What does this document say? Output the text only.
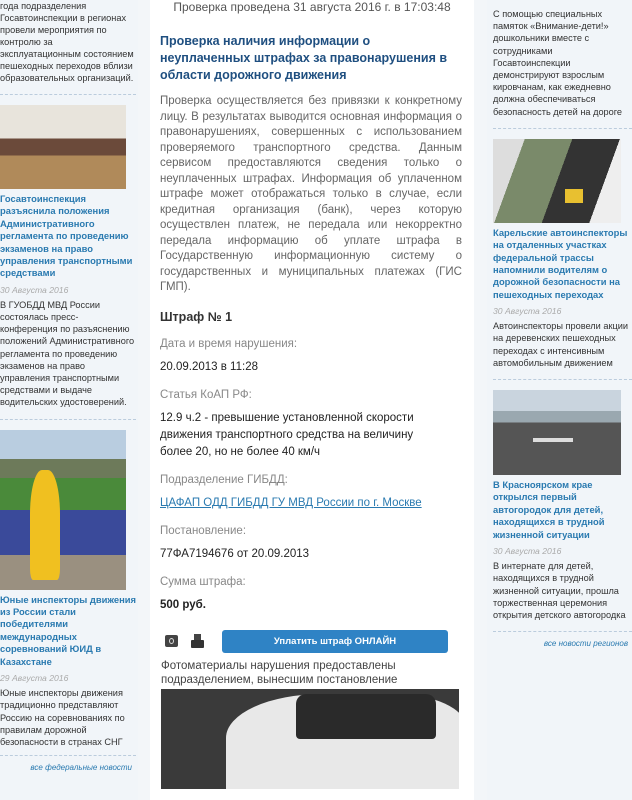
года подразделения Госавтоинспекции в регионах провели мероприятия по контролю за эксплуатационным состоянием пешеходных переходов вблизи образовательных организаций.
Госавтоинспекция разъяснила положения Административного регламента по проведению экзаменов на право управления транспортными средствами
30 Августа 2016
В ГУОБДД МВД России состоялась пресс-конференция по разъяснению положений Административного регламента по проведению экзаменов на право управления транспортными средствами и выдаче водительских удостоверений.
Юные инспекторы движения из России стали победителями международных соревнований ЮИД в Казахстане
29 Августа 2016
Юные инспекторы движения традиционно представляют Россию на соревнованиях по правилам дорожной безопасности в странах СНГ
все федеральные новости
Проверка проведена 31 августа 2016 г. в 17:03:48
Проверка наличия информации о неуплаченных штрафах за правонарушения в области дорожного движения
Проверка осуществляется без привязки к конкретному лицу. В результатах выводится основная информация о правонарушениях, совершенных с использованием проверяемого транспортного средства. Данным сервисом предоставляются сведения только о неуплаченных штрафах. Информация об уплаченном штрафе может отображаться только в случае, если кредитная организация (банк), через которую осуществлен платеж, не передала или некорректно передала информацию об уплате штрафа в Государственную информационную систему о государственных и муниципальных платежах (ГИС ГМП).
Штраф № 1
Дата и время нарушения:
20.09.2013 в 11:28
Статья КоАП РФ:
12.9 ч.2 - превышение установленной скорости движения транспортного средства на величину более 20, но не более 40 км/ч
Подразделение ГИБДД:
ЦАФАП ОДД ГИБДД ГУ МВД России по г. Москве
Постановление:
77ФА7194676 от 20.09.2013
Сумма штрафа:
500 руб.
Уплатить штраф ОНЛАЙН
Фотоматериалы нарушения предоставлены подразделением, вынесшим постановление
С помощью специальных памяток «Внимание-дети!» дошкольники вместе с сотрудниками Госавтоинспекции демонстрируют взрослым кировчанам, как ежедневно должна обеспечиваться безопасность детей на дороге
Карельские автоинспекторы на отдаленных участках федеральной трассы напомнили водителям о дорожной безопасности на пешеходных переходах
30 Августа 2016
Автоинспекторы провели акции на деревенских пешеходных переходах с интенсивным автомобильным движением
В Красноярском крае открылся первый автогородок для детей, находящихся в трудной жизненной ситуации
30 Августа 2016
В интернате для детей, находящихся в трудной жизненной ситуации, прошла торжественная церемония открытия детского автогородка
все новости регионов
